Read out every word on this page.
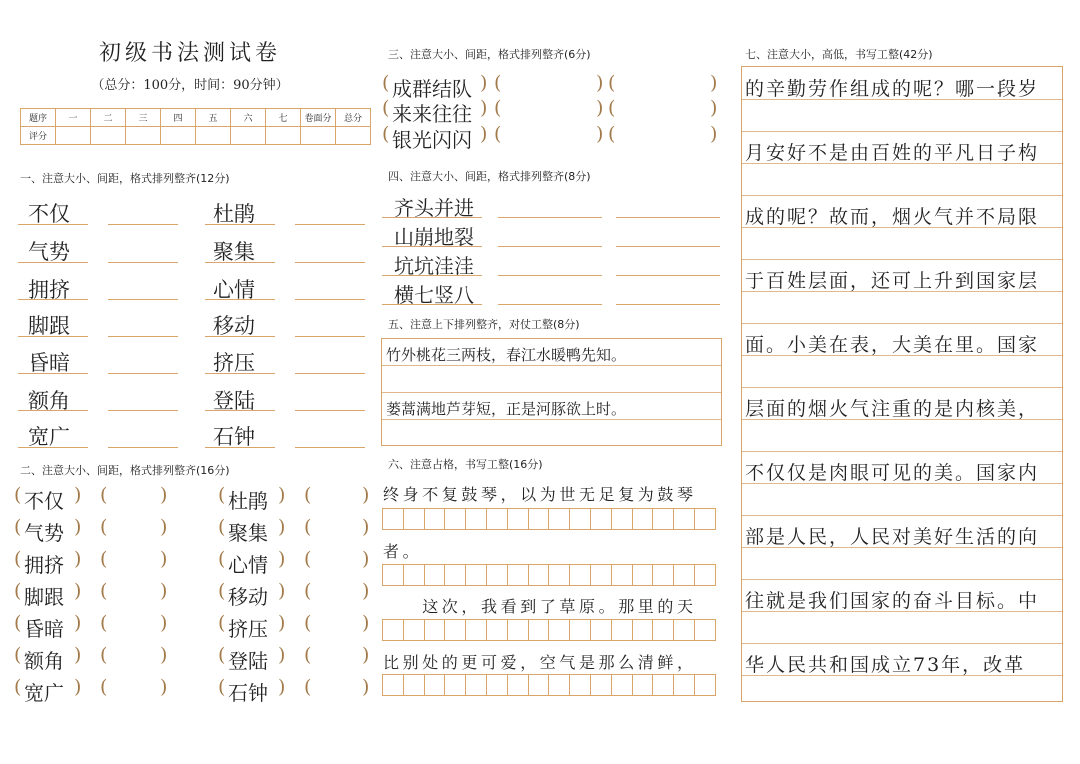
初级书法测试卷
（总分：100分，时间：90分钟）
题序	一	二	三	四	五	六	七	卷面分	总分
评分									
一、注意大小、间距，格式排列整齐(12分)
不仅	杜鹃
气势	聚集
拥挤	心情
脚跟	移动
昏暗	挤压
额角	登陆
宽广	石钟
二、注意大小、间距，格式排列整齐(16分)
( 不仅 ) (	)	( 杜鹃 ) (	)
( 气势 ) (	)	( 聚集 ) (	)
( 拥挤 ) (	)	( 心情 ) (	)
( 脚跟 ) (	)	( 移动 ) (	)
( 昏暗 ) (	)	( 挤压 ) (	)
( 额角 ) (	)	( 登陆 ) (	)
( 宽广 ) (	)	( 石钟 ) (	)
三、注意大小、间距，格式排列整齐(6分)
( 成群结队 ) (	) (	)
( 来来往往 ) (	) (	)
( 银光闪闪 ) (	) (	)
四、注意大小、间距，格式排列整齐(8分)
齐头并进
山崩地裂
坑坑洼洼
横七竖八
五、注意上下排列整齐，对仗工整(8分)
竹外桃花三两枝，春江水暖鸭先知。
蒌蒿满地芦芽短，正是河豚欲上时。
六、注意占格，书写工整(16分)
终身不复鼓琴，以为世无足复为鼓琴
者。
　　这次，我看到了草原。那里的天
比别处的更可爱，空气是那么清鲜，

七、注意大小，高低，书写工整(42分)
的辛勤劳作组成的呢？哪一段岁
月安好不是由百姓的平凡日子构
成的呢？故而，烟火气并不局限
于百姓层面，还可上升到国家层
面。小美在表，大美在里。国家
层面的烟火气注重的是内核美，
不仅仅是肉眼可见的美。国家内
部是人民，人民对美好生活的向
往就是我们国家的奋斗目标。中
华人民共和国成立73年，改革
